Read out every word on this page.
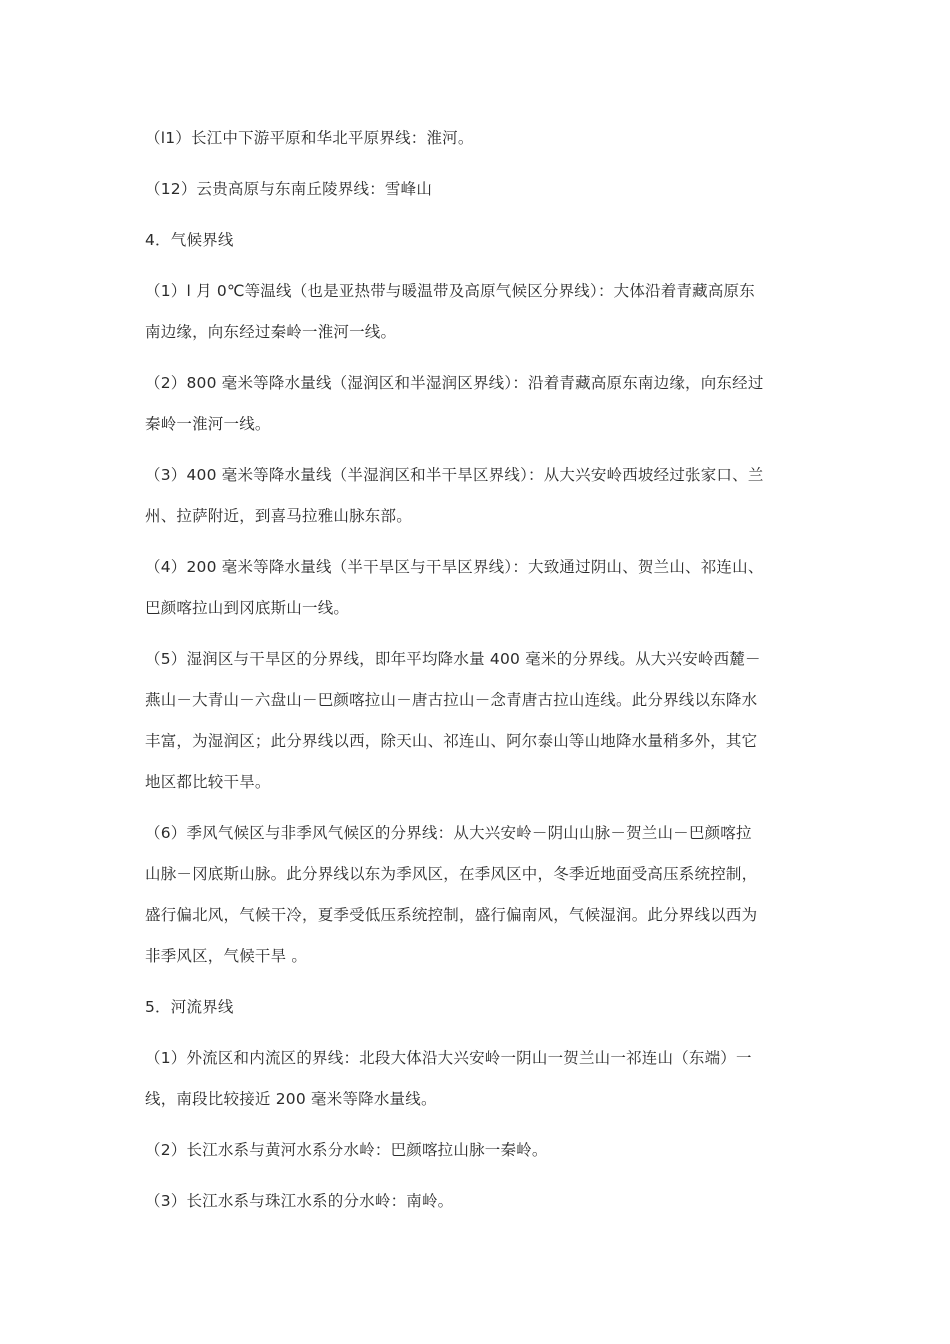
（l1）长江中下游平原和华北平原界线：淮河。

（12）云贵高原与东南丘陵界线：雪峰山

4．气候界线

（1）l 月 0℃等温线（也是亚热带与暖温带及高原气候区分界线）：大体沿着青藏高原东
南边缘，向东经过秦岭一淮河一线。

（2）800 毫米等降水量线（湿润区和半湿润区界线）：沿着青藏高原东南边缘，向东经过
秦岭一淮河一线。

（3）400 毫米等降水量线（半湿润区和半干旱区界线）：从大兴安岭西坡经过张家口、兰
州、拉萨附近，到喜马拉雅山脉东部。

（4）200 毫米等降水量线（半干旱区与干旱区界线）：大致通过阴山、贺兰山、祁连山、
巴颜喀拉山到冈底斯山一线。

（5）湿润区与干旱区的分界线，即年平均降水量 400 毫米的分界线。从大兴安岭西麓－
燕山－大青山－六盘山－巴颜喀拉山－唐古拉山－念青唐古拉山连线。此分界线以东降水
丰富，为湿润区；此分界线以西，除天山、祁连山、阿尔泰山等山地降水量稍多外，其它
地区都比较干旱。

（6）季风气候区与非季风气候区的分界线：从大兴安岭－阴山山脉－贺兰山－巴颜喀拉
山脉－冈底斯山脉。此分界线以东为季风区，在季风区中，冬季近地面受高压系统控制，
盛行偏北风，气候干冷，夏季受低压系统控制，盛行偏南风，气候湿润。此分界线以西为
非季风区，气候干旱 。

5．河流界线

（1）外流区和内流区的界线：北段大体沿大兴安岭一阴山一贺兰山一祁连山（东端）一
线，南段比较接近 200 毫米等降水量线。

（2）长江水系与黄河水系分水岭：巴颜喀拉山脉一秦岭。

（3）长江水系与珠江水系的分水岭：南岭。
